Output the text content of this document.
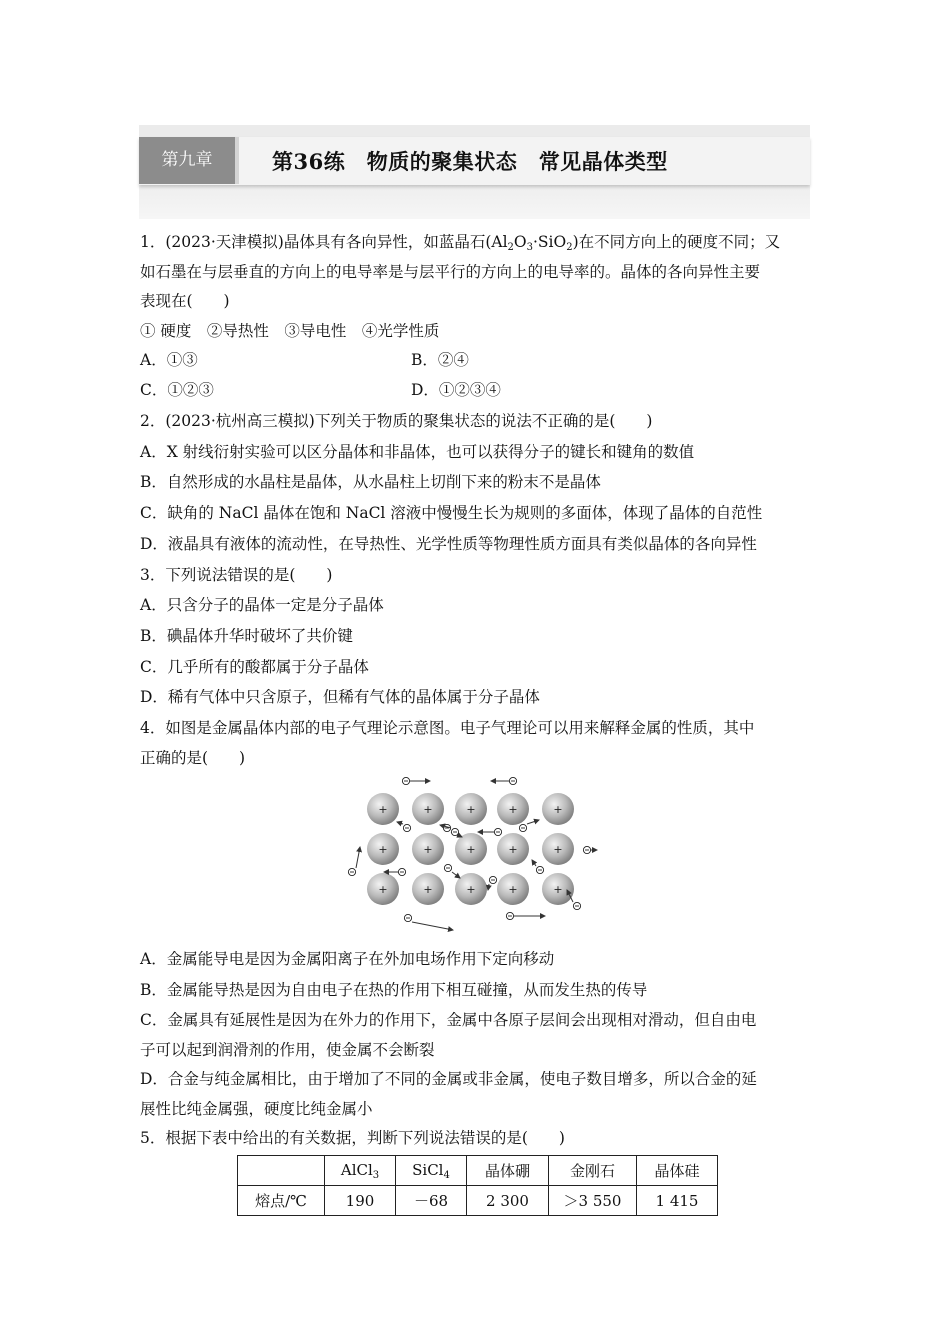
第九章	第36练　物质的聚集状态　常见晶体类型
1．(2023·天津模拟)晶体具有各向异性，如蓝晶石$(Al_2O_3\cdot SiO_2)$在不同方向上的硬度不同；又
如石墨在与层垂直的方向上的电导率是与层平行的方向上的电导率的。晶体的各向异性主要
表现在(　　)
① 硬度　②导热性　③导电性　④光学性质
A．①③	B．②④
C．①②③	D．①②③④
2．(2023·杭州高三模拟)下列关于物质的聚集状态的说法不正确的是(　　)
A．X 射线衍射实验可以区分晶体和非晶体，也可以获得分子的键长和键角的数值
B．自然形成的水晶柱是晶体，从水晶柱上切削下来的粉末不是晶体
C．缺角的 NaCl 晶体在饱和 NaCl 溶液中慢慢生长为规则的多面体，体现了晶体的自范性
D．液晶具有液体的流动性，在导热性、光学性质等物理性质方面具有类似晶体的各向异性
3．下列说法错误的是(　　)
A．只含分子的晶体一定是分子晶体
B．碘晶体升华时破坏了共价键
C．几乎所有的酸都属于分子晶体
D．稀有气体中只含原子，但稀有气体的晶体属于分子晶体
4．如图是金属晶体内部的电子气理论示意图。电子气理论可以用来解释金属的性质，其中
正确的是(　　)
+	+	+	+	+
+	+	+	+	+
+	+	+	+	+
A．金属能导电是因为金属阳离子在外加电场作用下定向移动
B．金属能导热是因为自由电子在热的作用下相互碰撞，从而发生热的传导
C．金属具有延展性是因为在外力的作用下，金属中各原子层间会出现相对滑动，但自由电
子可以起到润滑剂的作用，使金属不会断裂
D．合金与纯金属相比，由于增加了不同的金属或非金属，使电子数目增多，所以合金的延
展性比纯金属强，硬度比纯金属小
5．根据下表中给出的有关数据，判断下列说法错误的是(　　)
	AlCl$_3$	SiCl$_4$	晶体硼	金刚石	晶体硅
熔点/℃	190	－68	2 300	＞3 550	1 415
